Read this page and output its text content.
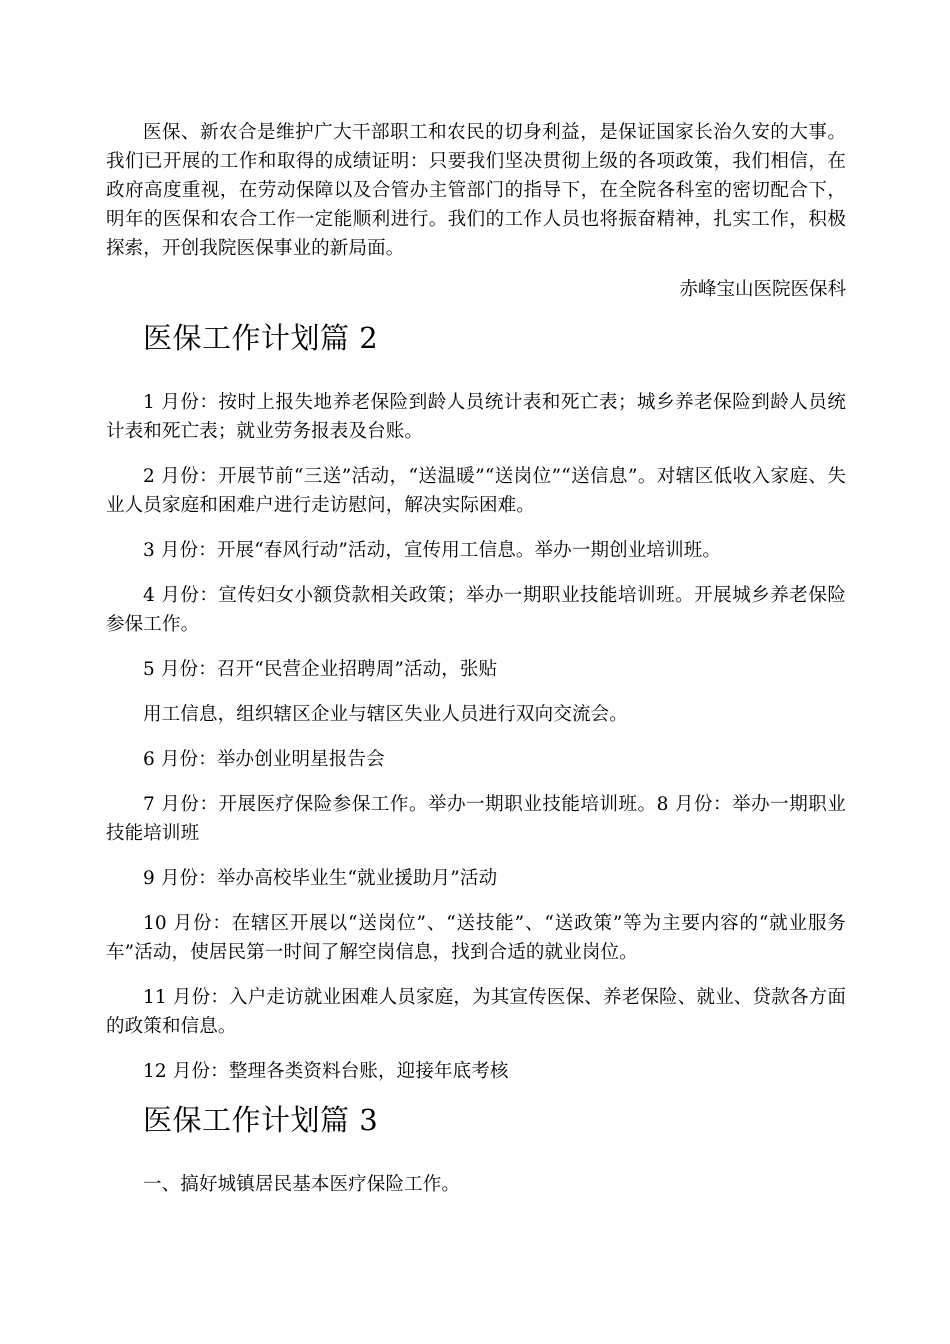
医保、新农合是维护广大干部职工和农民的切身利益，是保证国家长治久安的大事。我们已开展的工作和取得的成绩证明：只要我们坚决贯彻上级的各项政策，我们相信，在政府高度重视，在劳动保障以及合管办主管部门的指导下，在全院各科室的密切配合下，明年的医保和农合工作一定能顺利进行。我们的工作人员也将振奋精神，扎实工作，积极探索，开创我院医保事业的新局面。

赤峰宝山医院医保科

医保工作计划篇 2

1 月份：按时上报失地养老保险到龄人员统计表和死亡表；城乡养老保险到龄人员统计表和死亡表；就业劳务报表及台账。

2 月份：开展节前“三送”活动，“送温暖”“送岗位”“送信息”。对辖区低收入家庭、失业人员家庭和困难户进行走访慰问，解决实际困难。

3 月份：开展“春风行动”活动，宣传用工信息。举办一期创业培训班。

4 月份：宣传妇女小额贷款相关政策；举办一期职业技能培训班。开展城乡养老保险参保工作。

5 月份：召开“民营企业招聘周”活动，张贴

用工信息，组织辖区企业与辖区失业人员进行双向交流会。

6 月份：举办创业明星报告会

7 月份：开展医疗保险参保工作。举办一期职业技能培训班。8 月份：举办一期职业技能培训班

9 月份：举办高校毕业生“就业援助月”活动

10 月份：在辖区开展以“送岗位”、“送技能”、“送政策”等为主要内容的“就业服务车”活动，使居民第一时间了解空岗信息，找到合适的就业岗位。

11 月份：入户走访就业困难人员家庭，为其宣传医保、养老保险、就业、贷款各方面的政策和信息。

12 月份：整理各类资料台账，迎接年底考核

医保工作计划篇 3

一、搞好城镇居民基本医疗保险工作。
